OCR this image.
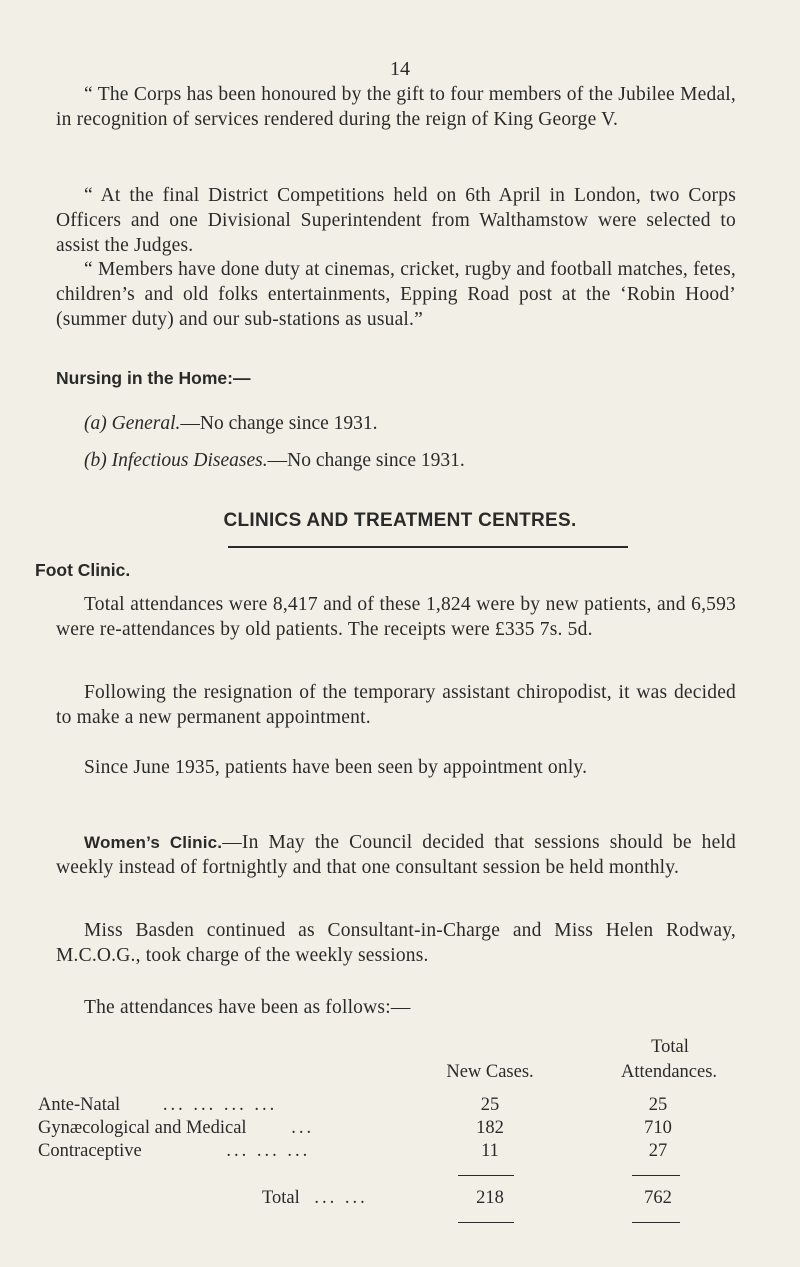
14
“ The Corps has been honoured by the gift to four members of the Jubilee Medal, in recognition of services rendered during the reign of King George V.
“ At the final District Competitions held on 6th April in London, two Corps Officers and one Divisional Superintendent from Walthamstow were selected to assist the Judges.
“ Members have done duty at cinemas, cricket, rugby and football matches, fetes, children’s and old folks entertainments, Epping Road post at the ‘Robin Hood’ (summer duty) and our sub-stations as usual.”
Nursing in the Home:—
(a) General.—No change since 1931.
(b) Infectious Diseases.—No change since 1931.
CLINICS AND TREATMENT CENTRES.
Foot Clinic.
Total attendances were 8,417 and of these 1,824 were by new patients, and 6,593 were re-attendances by old patients. The receipts were £335 7s. 5d.
Following the resignation of the temporary assistant chiropodist, it was decided to make a new permanent appointment.
Since June 1935, patients have been seen by appointment only.
Women’s Clinic.—In May the Council decided that sessions should be held weekly instead of fortnightly and that one consultant session be held monthly.
Miss Basden continued as Consultant-in-Charge and Miss Helen Rodway, M.C.O.G., took charge of the weekly sessions.
The attendances have been as follows:—
New Cases.
Total
Attendances.
Ante-Natal ... ... ... ...	25	25
Gynæcological and Medical ...	182	710
Contraceptive	... ... ...	11	27
Total ... ...	218	762
